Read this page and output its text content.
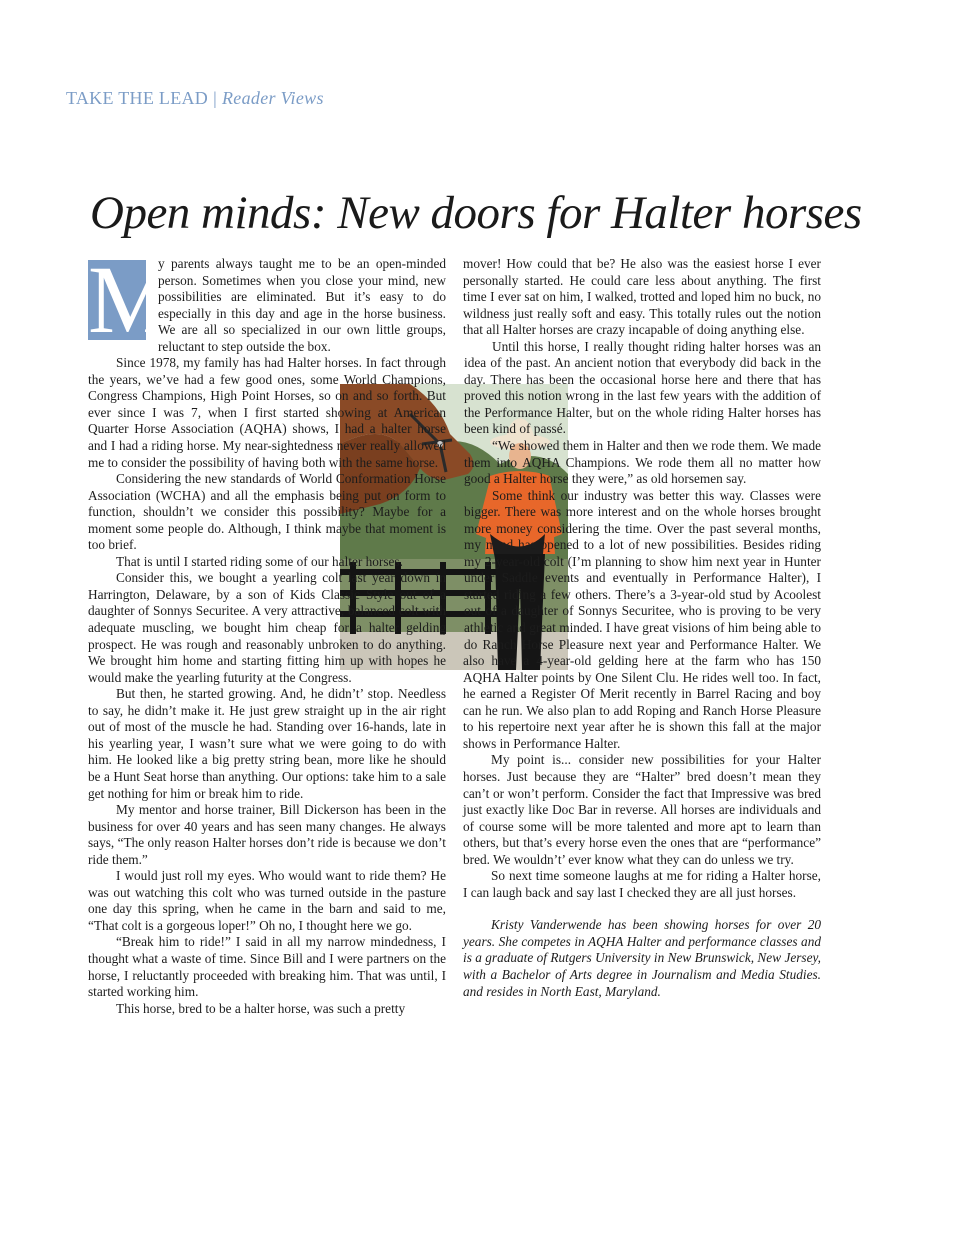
TAKE THE LEAD | Reader Views
Open minds: New doors for Halter horses

M
y parents always taught me to be an open-minded person. Sometimes when you close your mind, new possibilities are eliminated. But it’s easy to do especially in this day and age in the horse business. We are all so specialized in our own little groups, reluctant to step outside the box.

Since 1978, my family has had Halter horses. In fact through the years, we’ve had a few good ones, some World Champions, Congress Champions, High Point Horses, so on and so forth. But ever since I was 7, when I first started showing at American Quarter Horse Association (AQHA) shows, I had a halter horse and I had a riding horse. My near-sightedness never really allowed me to consider the possibility of having both with the same horse.

Considering the new standards of World Conformation Horse Association (WCHA) and all the emphasis being put on form to function, shouldn’t we consider this possibility? Maybe for a moment some people do. Although, I think maybe that moment is too brief.

That is until I started riding some of our halter horses.

Consider this, we bought a yearling colt last year down in Harrington, Delaware, by a son of Kids Classic Style out of a daughter of Sonnys Securitee. A very attractive, balanced colt with adequate muscling, we bought him cheap for a halter gelding prospect. He was rough and reasonably unbroken to do anything. We brought him home and starting fitting him up with hopes he would make the yearling futurity at the Congress.

But then, he started growing. And, he didn’t’ stop. Needless to say, he didn’t make it. He just grew straight up in the air right out of most of the muscle he had. Standing over 16-hands, late in his yearling year, I wasn’t sure what we were going to do with him. He looked like a big pretty string bean, more like he should be a Hunt Seat horse than anything. Our options: take him to a sale get nothing for him or break him to ride.

My mentor and horse trainer, Bill Dickerson has been in the business for over 40 years and has seen many changes. He always says, “The only reason Halter horses don’t ride is because we don’t ride them.”

I would just roll my eyes. Who would want to ride them? He was out watching this colt who was turned outside in the pasture one day this spring, when he came in the barn and said to me, “That colt is a gorgeous loper!” Oh no, I thought here we go.

“Break him to ride!” I said in all my narrow mindedness, I thought what a waste of time. Since Bill and I were partners on the horse, I reluctantly proceeded with breaking him. That was until, I started working him.

This horse, bred to be a halter horse, was such a pretty

mover! How could that be? He also was the easiest horse I ever personally started. He could care less about anything. The first time I ever sat on him, I walked, trotted and loped him no buck, no wildness just really soft and easy. This totally rules out the notion that all Halter horses are crazy incapable of doing anything else.

Until this horse, I really thought riding halter horses was an idea of the past. An ancient notion that everybody did back in the day. There has been the occasional horse here and there that has proved this notion wrong in the last few years with the addition of the Performance Halter, but on the whole riding Halter horses has been kind of passé.

“We showed them in Halter and then we rode them. We made them into AQHA Champions. We rode them all no matter how good a Halter horse they were,” as old horsemen say.

Some think our industry was better this way. Classes were bigger. There was more interest and on the whole horses brought more money considering the time. Over the past several months, my mind has opened to a lot of new possibilities. Besides riding my 2-year-old colt (I’m planning to show him next year in Hunter under Saddle events and eventually in Performance Halter), I started riding a few others. There’s a 3-year-old stud by Acoolest out of a daughter of Sonnys Securitee, who is proving to be very athletic and great minded. I have great visions of him being able to do Ranch Horse Pleasure next year and Performance Halter. We also have a 4-year-old gelding here at the farm who has 150 AQHA Halter points by One Silent Clu. He rides well too. In fact, he earned a Register Of Merit recently in Barrel Racing and boy can he run. We also plan to add Roping and Ranch Horse Pleasure to his repertoire next year after he is shown this fall at the major shows in Performance Halter.

My point is... consider new possibilities for your Halter horses. Just because they are “Halter” bred doesn’t mean they can’t or won’t perform. Consider the fact that Impressive was bred just exactly like Doc Bar in reverse. All horses are individuals and of course some will be more talented and more apt to learn than others, but that’s every horse even the ones that are “performance” bred. We wouldn’t’ ever know what they can do unless we try.

So next time someone laughs at me for riding a Halter horse, I can laugh back and say last I checked they are all just horses.

Kristy Vanderwende has been showing horses for over 20 years. She competes in AQHA Halter and performance classes and is a graduate of Rutgers University in New Brunswick, New Jersey, with a Bachelor of Arts degree in Journalism and Media Studies. and resides in North East, Maryland.
